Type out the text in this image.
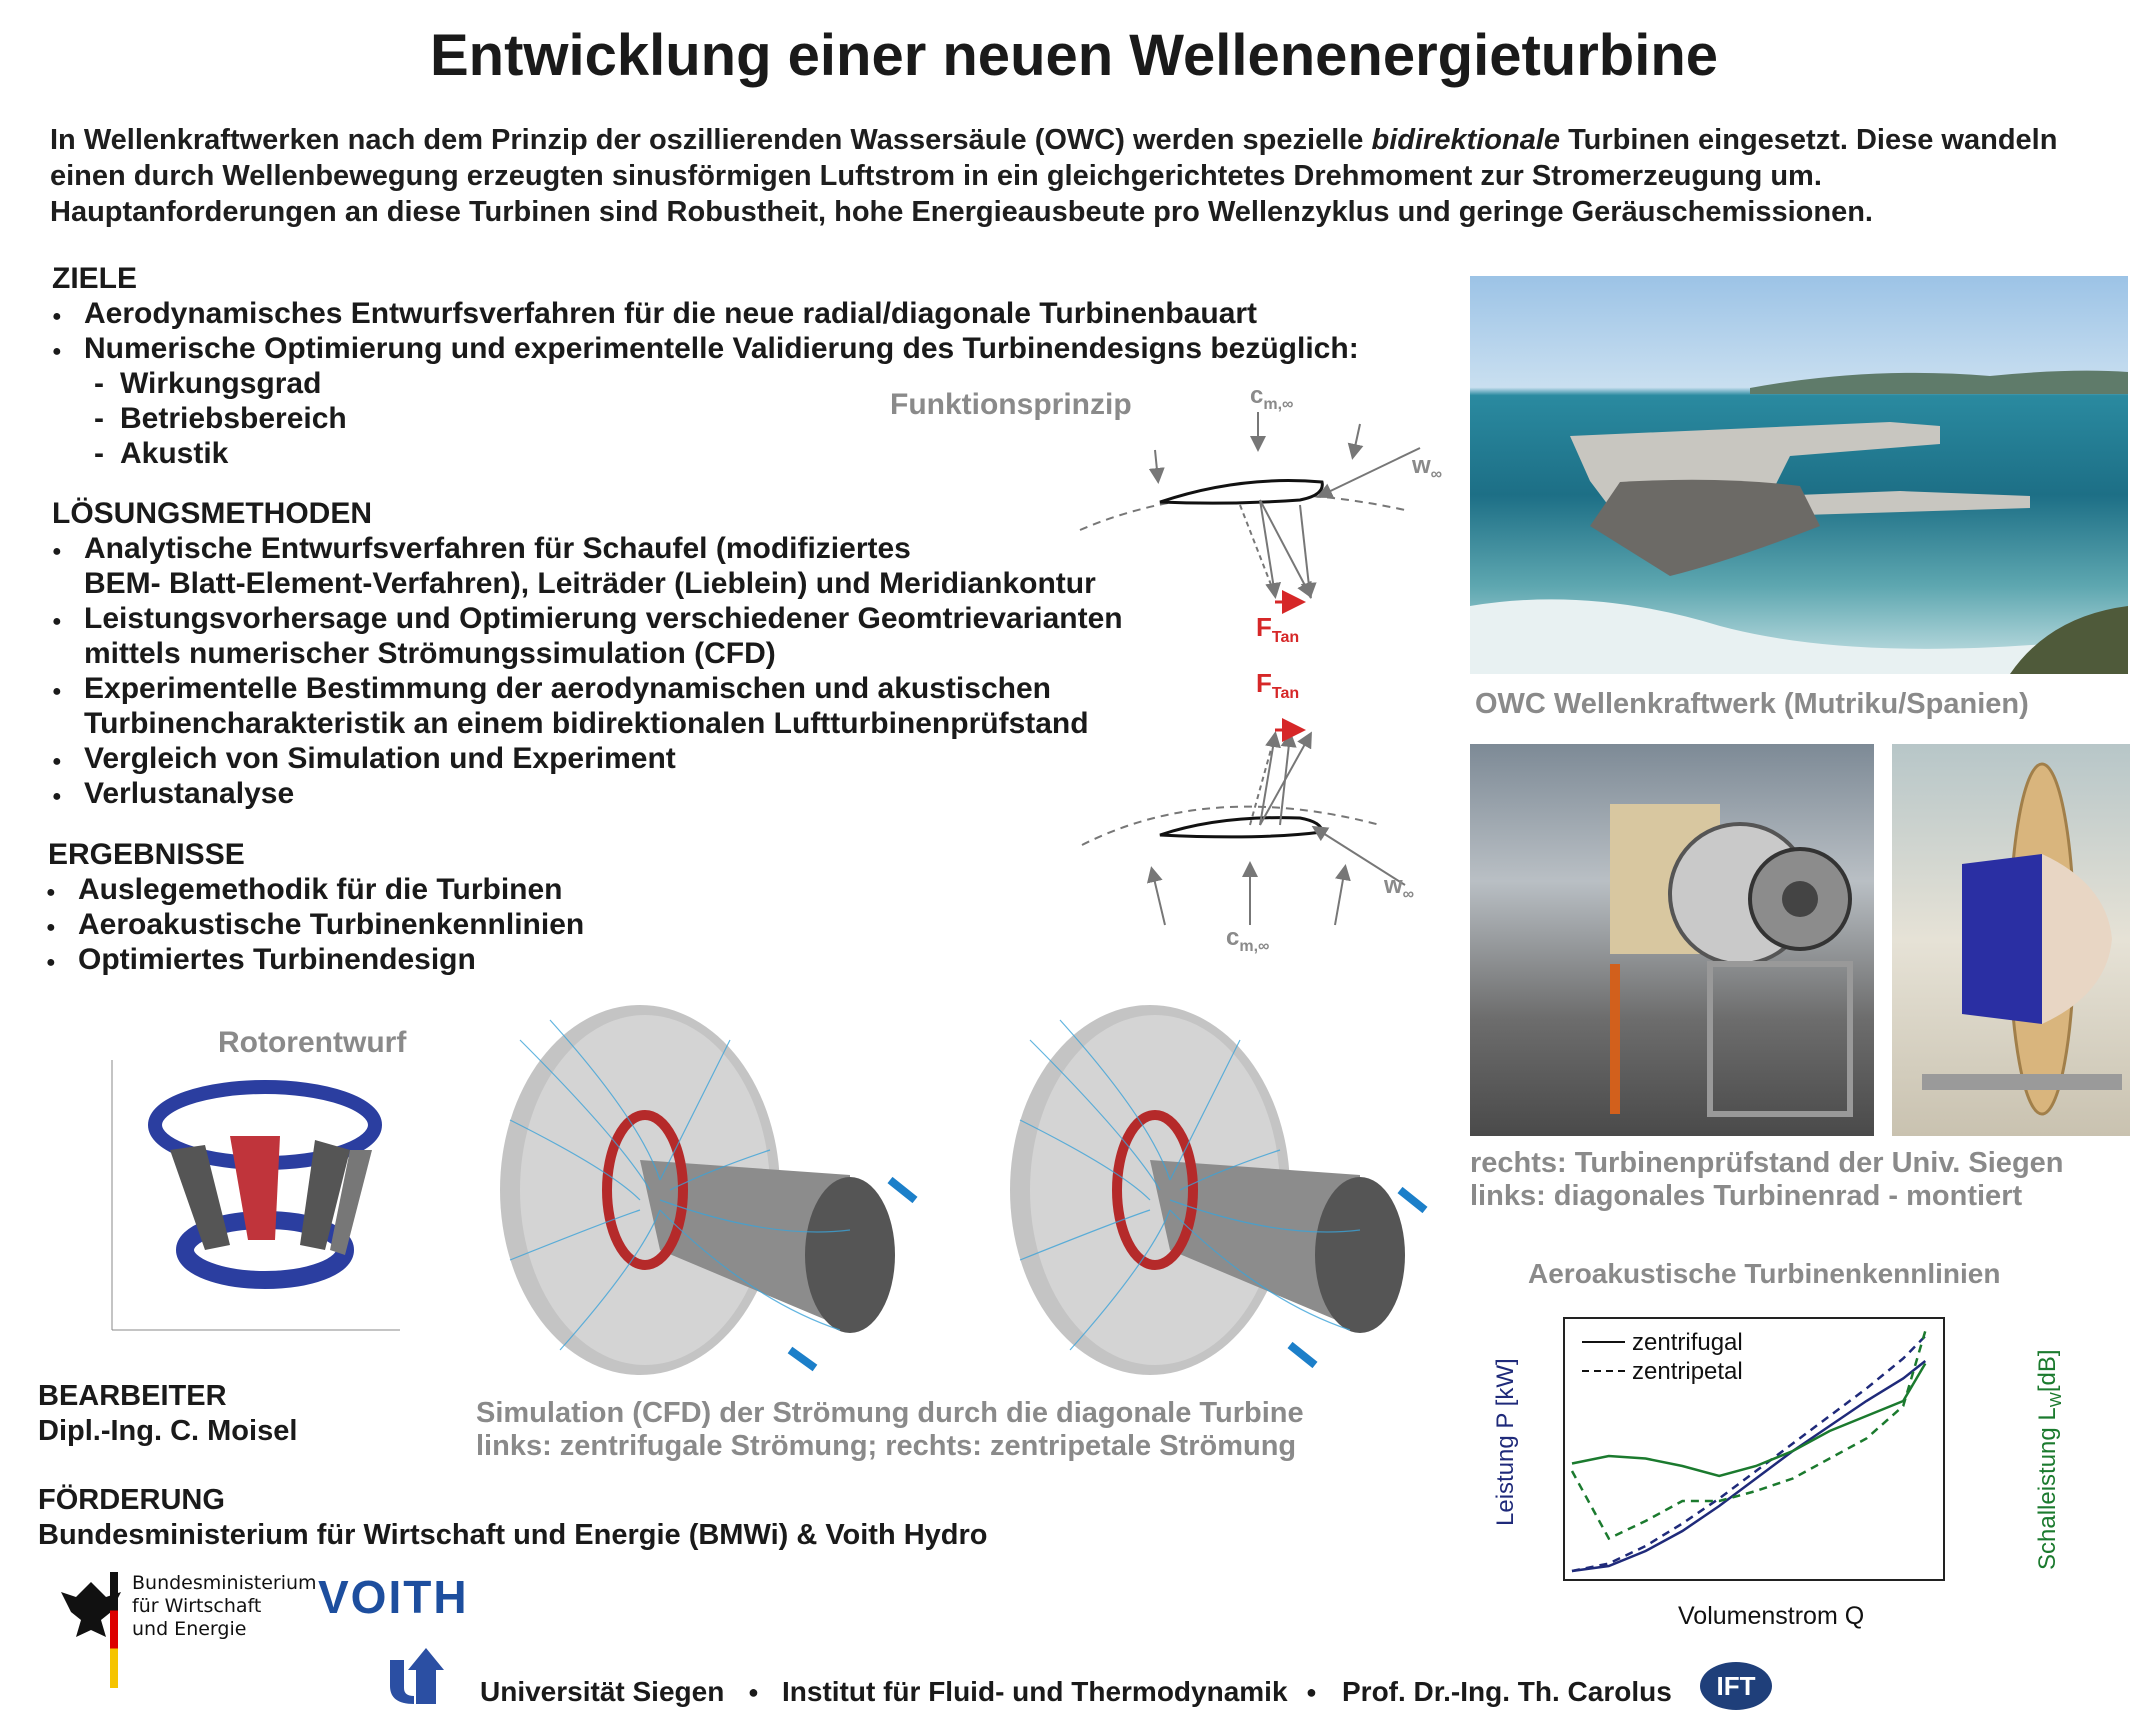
Entwicklung einer neuen Wellenenergieturbine
In Wellenkraftwerken nach dem Prinzip der oszillierenden Wassersäule (OWC) werden spezielle bidirektionale Turbinen eingesetzt. Diese wandeln einen durch Wellenbewegung erzeugten sinusförmigen Luftstrom in ein gleichgerichtetes Drehmoment zur Stromerzeugung um. Hauptanforderungen an diese Turbinen sind Robustheit, hohe Energieausbeute pro Wellenzyklus und geringe Geräuschemissionen.
ZIELE
● Aerodynamisches Entwurfsverfahren für die neue radial/diagonale Turbinenbauart
● Numerische Optimierung und experimentelle Validierung des Turbinendesigns bezüglich:
- Wirkungsgrad
- Betriebsbereich
- Akustik
LÖSUNGSMETHODEN
● Analytische Entwurfsverfahren für Schaufel (modifiziertes
BEM- Blatt-Element-Verfahren), Leiträder (Lieblein) und Meridiankontur
● Leistungsvorhersage und Optimierung verschiedener Geomtrievarianten
mittels numerischer Strömungssimulation (CFD)
● Experimentelle Bestimmung der aerodynamischen und akustischen
Turbinencharakteristik an einem bidirektionalen Luftturbinenprüfstand
● Vergleich von Simulation und Experiment
● Verlustanalyse
ERGEBNISSE
● Auslegemethodik für die Turbinen
● Aeroakustische Turbinenkennlinien
● Optimiertes Turbinendesign
Funktionsprinzip	$c_{m,\infty}$
$w_\infty$
$F_{Tan}$
$F_{Tan}$
$w_\infty$
$c_{m,\infty}$
OWC Wellenkraftwerk (Mutriku/Spanien)
rechts: Turbinenprüfstand der Univ. Siegen
links: diagonales Turbinenrad - montiert
Rotorentwurf
Simulation (CFD) der Strömung durch die diagonale Turbine
links: zentrifugale Strömung; rechts: zentripetale Strömung
Aeroakustische Turbinenkennlinien
zentrifugal
zentripetal
Leistung P [kW]	Schalleistung $L_W[dB]$
Volumenstrom Q
BEARBEITER
Dipl.-Ing. C. Moisel
FÖRDERUNG
Bundesministerium für Wirtschaft und Energie (BMWi) & Voith Hydro
Bundesministerium
für Wirtschaft
und Energie
VOITH
Universität Siegen ● Institut für Fluid- und Thermodynamik ● Prof. Dr.-Ing. Th. Carolus	IFT
